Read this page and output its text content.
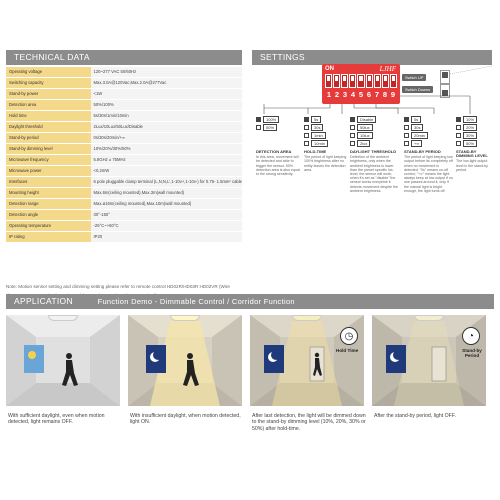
TECHNICAL DATA
Operating voltage	120~277 VAC 50/60Hz
Switching capacity	Max.3.0A@120Vac,Max.2.0A@277Vac
Stand-by power	<1W
Detection area	50%/100%
Hold time	5s/30s/1min/10min
Daylight threshold	2Lux/10Lux/50Lux/Disable
Stand-by period	0s/30s/20min/+∞
Stand-by dimming level	10%/20%/30%/50%
Microwave frequency	5.8GHz ± 75MHz
Microwave power	<0.2mW
Interfaces	6 pole pluggable clamp terminal (L,N,N,L',1-10v+,1-10v-) for 0.75- 1.5mm² cable
Mounting height	Max.6m(ceiling mounted),Max.3m(wall mounted)
Detection range	Max.ø16m(ceiling mounted),Max.10m(wall mounted)
Detection angle	30°-150°
Operating temperature	-25°C~+60°C
IP rating	IP20
Note: Motion sensor setting and dimming setting please refer to remote control HD02R/HD03R HD02VR (Wire
SETTINGS
ON	LJHF
1 2 3 4 5 6 7 8 9
Switch UP
Switch Downs
100%
50%
5s
30s
1min
10min
Disable
50lux
10lux
2lux
0s
30s
20min
+∞
10%
20%
30%
50%
DETECTION AREA
In this area, movement will be detected and able to trigger the sensor. 50% detection area is also equal to the strong sensitivity.
HOLD-TIME
The period of light keeping 100% brightness after no entity leaves the detection area.
DAYLIGHT THRESHOLD
Definition of the ambient brightness, only when the ambient brightness is lower than the preset specific lux-level, the sensor will work; when it's set as "disable" the sensor works everytime it detects movement despite the ambient brightness.
STAND-BY PERIOD
The period of light keeping low output before its completely off when no movement is detected. "0s" means on-off control; "+∞" means the light always keep at low output if no one passes around it, only if the natural light is bright enough, the light turns off.
STAND-BY DIMMING LEVEL
The low-light output level in the stand-by period.
APPLICATION	Function Demo - Dimmable Control / Corridor Function
With sufficient daylight, even when motion detected, light remains OFF.
With insufficient daylight, when motion detected, light ON.
◷
Hold Time
After last detection, the light will be dimmed down to the stand-by dimming level (10%, 20%, 30% or 50%) after hold-time.
◔
Stand-by Period
After the stand-by period, light OFF.
